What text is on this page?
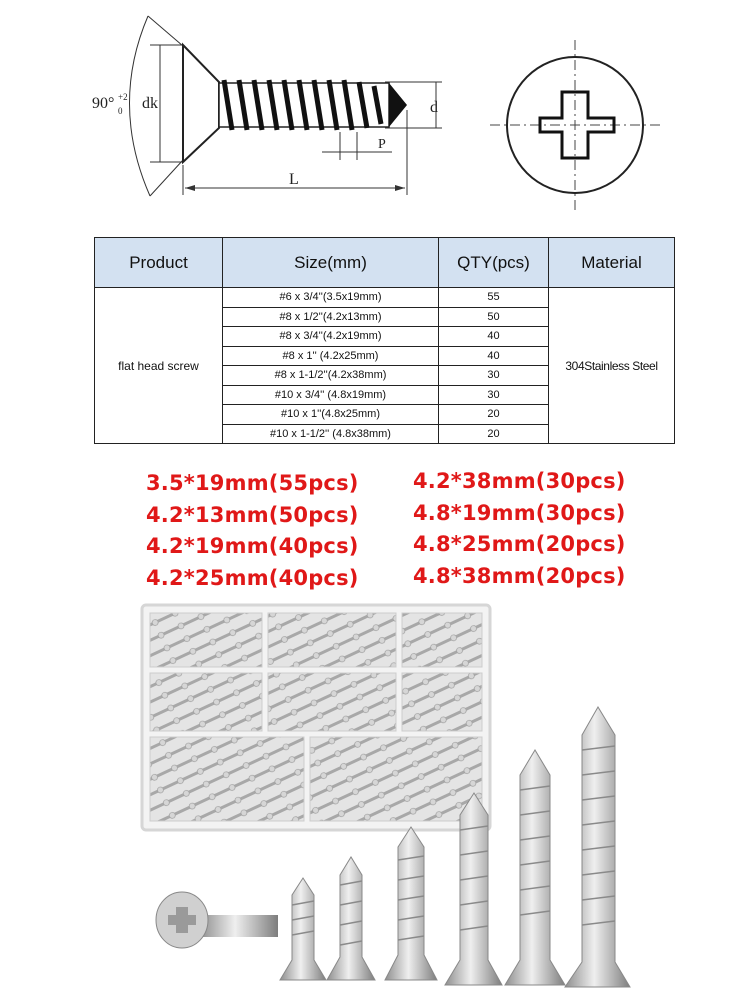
90° +2
0 dk	d
P
L
Product	Size(mm)	QTY(pcs)	Material
flat head screw	#6 x 3/4''(3.5x19mm)	55	304Stainless Steel
	#8 x 1/2''(4.2x13mm)	50	
	#8 x 3/4''(4.2x19mm)	40	
	#8 x 1'' (4.2x25mm)	40	
	#8 x 1-1/2''(4.2x38mm)	30	
	#10 x 3/4'' (4.8x19mm)	30	
	#10 x 1''(4.8x25mm)	20	
	#10 x 1-1/2'' (4.8x38mm)	20	
3.5*19mm(55pcs)
4.2*13mm(50pcs)
4.2*19mm(40pcs)
4.2*25mm(40pcs)
4.2*38mm(30pcs)
4.8*19mm(30pcs)
4.8*25mm(20pcs)
4.8*38mm(20pcs)
